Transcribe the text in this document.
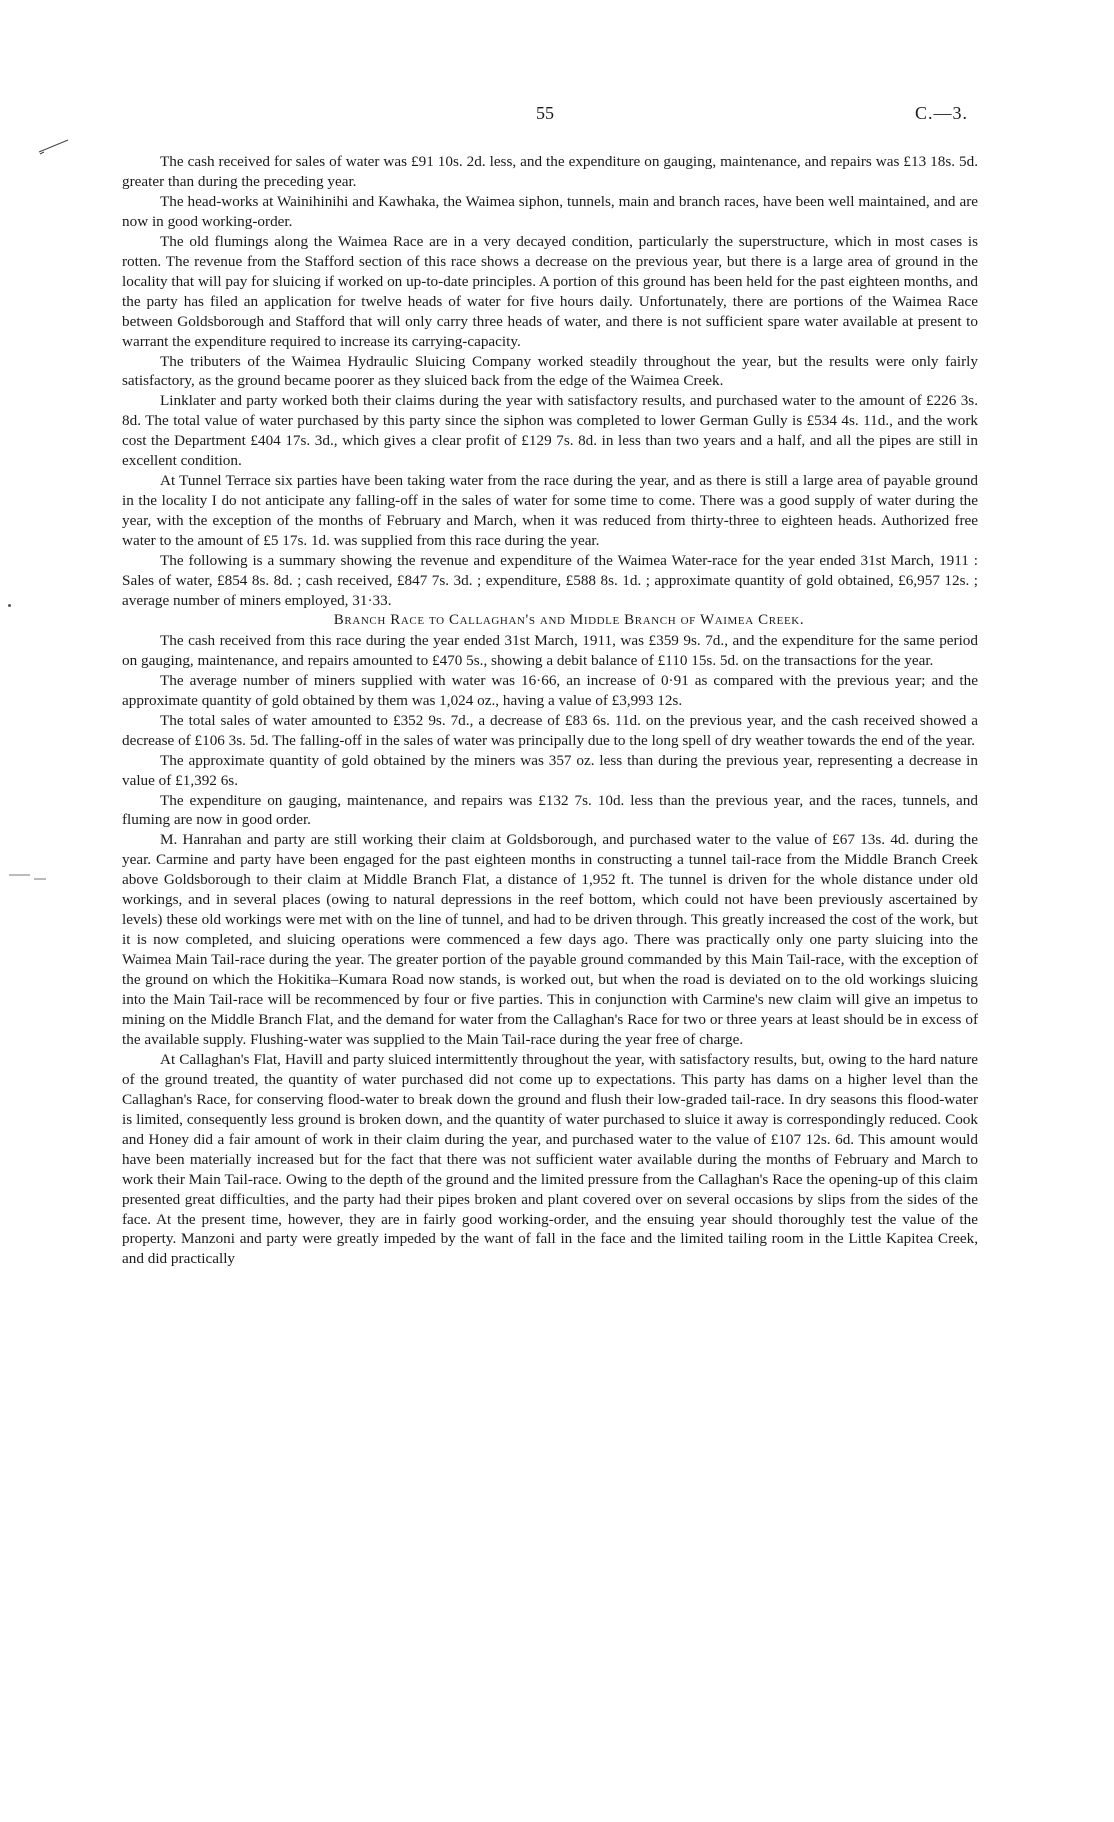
55	C.—3.

The cash received for sales of water was £91 10s. 2d. less, and the expenditure on gauging, maintenance, and repairs was £13 18s. 5d. greater than during the preceding year.

The head-works at Wainihinihi and Kawhaka, the Waimea siphon, tunnels, main and branch races, have been well maintained, and are now in good working-order.

The old flumings along the Waimea Race are in a very decayed condition, particularly the superstructure, which in most cases is rotten. The revenue from the Stafford section of this race shows a decrease on the previous year, but there is a large area of ground in the locality that will pay for sluicing if worked on up-to-date principles. A portion of this ground has been held for the past eighteen months, and the party has filed an application for twelve heads of water for five hours daily. Unfortunately, there are portions of the Waimea Race between Goldsborough and Stafford that will only carry three heads of water, and there is not sufficient spare water available at present to warrant the expenditure required to increase its carrying-capacity.

The tributers of the Waimea Hydraulic Sluicing Company worked steadily throughout the year, but the results were only fairly satisfactory, as the ground became poorer as they sluiced back from the edge of the Waimea Creek.

Linklater and party worked both their claims during the year with satisfactory results, and purchased water to the amount of £226 3s. 8d. The total value of water purchased by this party since the siphon was completed to lower German Gully is £534 4s. 11d., and the work cost the Department £404 17s. 3d., which gives a clear profit of £129 7s. 8d. in less than two years and a half, and all the pipes are still in excellent condition.

At Tunnel Terrace six parties have been taking water from the race during the year, and as there is still a large area of payable ground in the locality I do not anticipate any falling-off in the sales of water for some time to come. There was a good supply of water during the year, with the exception of the months of February and March, when it was reduced from thirty-three to eighteen heads. Authorized free water to the amount of £5 17s. 1d. was supplied from this race during the year.

The following is a summary showing the revenue and expenditure of the Waimea Water-race for the year ended 31st March, 1911 : Sales of water, £854 8s. 8d. ; cash received, £847 7s. 3d. ; expenditure, £588 8s. 1d. ; approximate quantity of gold obtained, £6,957 12s. ; average number of miners employed, 31·33.

Branch Race to Callaghan's and Middle Branch of Waimea Creek.

The cash received from this race during the year ended 31st March, 1911, was £359 9s. 7d., and the expenditure for the same period on gauging, maintenance, and repairs amounted to £470 5s., showing a debit balance of £110 15s. 5d. on the transactions for the year.

The average number of miners supplied with water was 16·66, an increase of 0·91 as compared with the previous year; and the approximate quantity of gold obtained by them was 1,024 oz., having a value of £3,993 12s.

The total sales of water amounted to £352 9s. 7d., a decrease of £83 6s. 11d. on the previous year, and the cash received showed a decrease of £106 3s. 5d. The falling-off in the sales of water was principally due to the long spell of dry weather towards the end of the year.

The approximate quantity of gold obtained by the miners was 357 oz. less than during the previous year, representing a decrease in value of £1,392 6s.

The expenditure on gauging, maintenance, and repairs was £132 7s. 10d. less than the previous year, and the races, tunnels, and fluming are now in good order.

M. Hanrahan and party are still working their claim at Goldsborough, and purchased water to the value of £67 13s. 4d. during the year. Carmine and party have been engaged for the past eighteen months in constructing a tunnel tail-race from the Middle Branch Creek above Goldsborough to their claim at Middle Branch Flat, a distance of 1,952 ft. The tunnel is driven for the whole distance under old workings, and in several places (owing to natural depressions in the reef bottom, which could not have been previously ascertained by levels) these old workings were met with on the line of tunnel, and had to be driven through. This greatly increased the cost of the work, but it is now completed, and sluicing operations were commenced a few days ago. There was practically only one party sluicing into the Waimea Main Tail-race during the year. The greater portion of the payable ground commanded by this Main Tail-race, with the exception of the ground on which the Hokitika–Kumara Road now stands, is worked out, but when the road is deviated on to the old workings sluicing into the Main Tail-race will be recommenced by four or five parties. This in conjunction with Carmine's new claim will give an impetus to mining on the Middle Branch Flat, and the demand for water from the Callaghan's Race for two or three years at least should be in excess of the available supply. Flushing-water was supplied to the Main Tail-race during the year free of charge.

At Callaghan's Flat, Havill and party sluiced intermittently throughout the year, with satisfactory results, but, owing to the hard nature of the ground treated, the quantity of water purchased did not come up to expectations. This party has dams on a higher level than the Callaghan's Race, for conserving flood-water to break down the ground and flush their low-graded tail-race. In dry seasons this flood-water is limited, consequently less ground is broken down, and the quantity of water purchased to sluice it away is correspondingly reduced. Cook and Honey did a fair amount of work in their claim during the year, and purchased water to the value of £107 12s. 6d. This amount would have been materially increased but for the fact that there was not sufficient water available during the months of February and March to work their Main Tail-race. Owing to the depth of the ground and the limited pressure from the Callaghan's Race the opening-up of this claim presented great difficulties, and the party had their pipes broken and plant covered over on several occasions by slips from the sides of the face. At the present time, however, they are in fairly good working-order, and the ensuing year should thoroughly test the value of the property. Manzoni and party were greatly impeded by the want of fall in the face and the limited tailing room in the Little Kapitea Creek, and did practically
